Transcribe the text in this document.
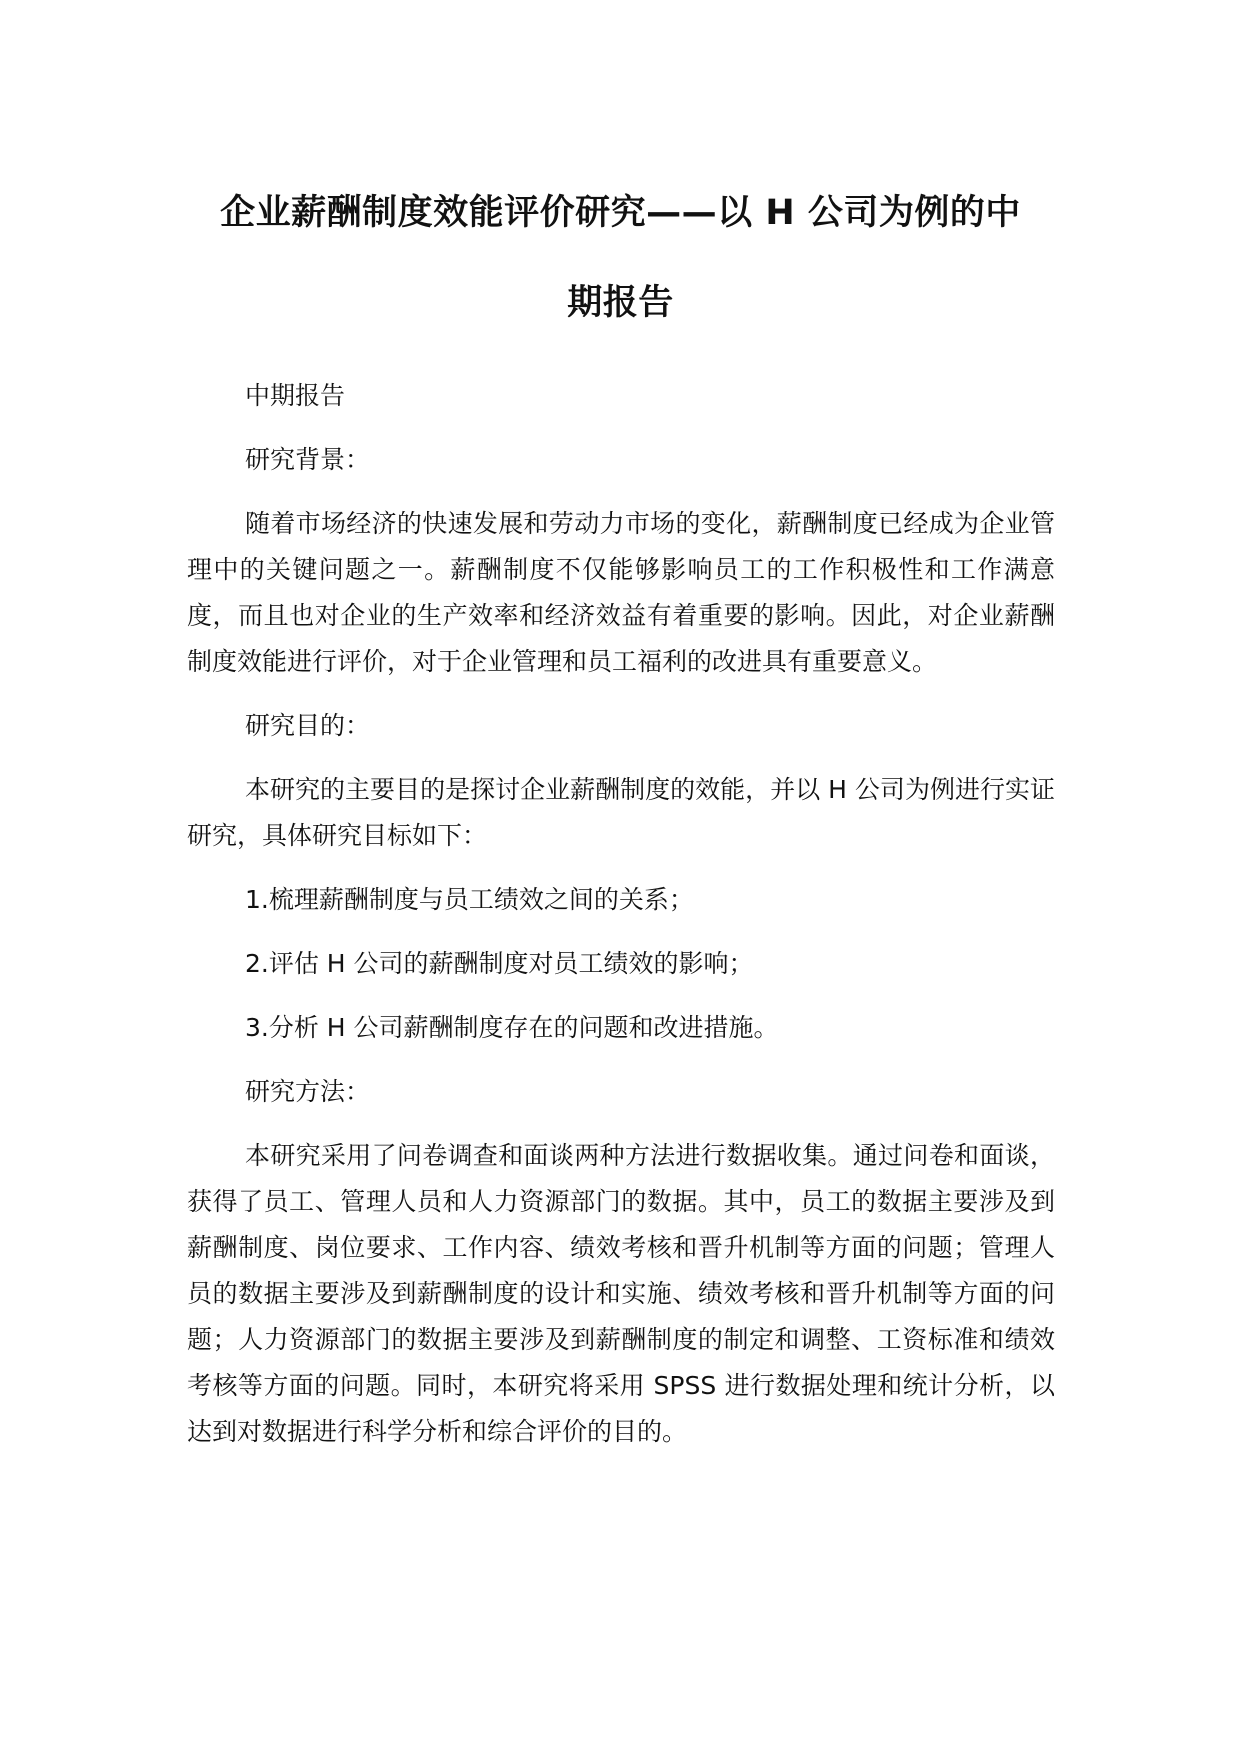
企业薪酬制度效能评价研究——以 H 公司为例的中
期报告

中期报告

研究背景：

随着市场经济的快速发展和劳动力市场的变化，薪酬制度已经成为企业管理中的关键问题之一。薪酬制度不仅能够影响员工的工作积极性和工作满意度，而且也对企业的生产效率和经济效益有着重要的影响。因此，对企业薪酬制度效能进行评价，对于企业管理和员工福利的改进具有重要意义。

研究目的：

本研究的主要目的是探讨企业薪酬制度的效能，并以 H 公司为例进行实证研究，具体研究目标如下：

1.梳理薪酬制度与员工绩效之间的关系；

2.评估 H 公司的薪酬制度对员工绩效的影响；

3.分析 H 公司薪酬制度存在的问题和改进措施。

研究方法：

本研究采用了问卷调查和面谈两种方法进行数据收集。通过问卷和面谈，获得了员工、管理人员和人力资源部门的数据。其中，员工的数据主要涉及到薪酬制度、岗位要求、工作内容、绩效考核和晋升机制等方面的问题；管理人员的数据主要涉及到薪酬制度的设计和实施、绩效考核和晋升机制等方面的问题；人力资源部门的数据主要涉及到薪酬制度的制定和调整、工资标准和绩效考核等方面的问题。同时，本研究将采用 SPSS 进行数据处理和统计分析，以达到对数据进行科学分析和综合评价的目的。
